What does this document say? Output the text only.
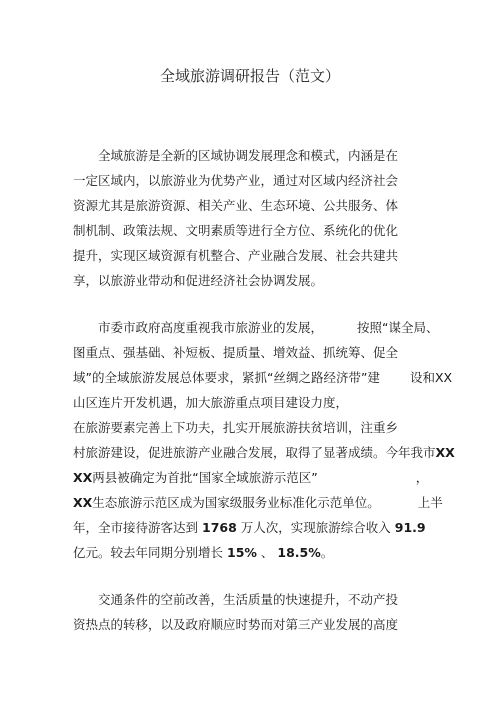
全域旅游调研报告（范文）
全域旅游是全新的区域协调发展理念和模式，内涵是在
一定区域内，以旅游业为优势产业，通过对区域内经济社会
资源尤其是旅游资源、相关产业、生态环境、公共服务、体
制机制、政策法规、文明素质等进行全方位、系统化的优化
提升，实现区域资源有机整合、产业融合发展、社会共建共
享，以旅游业带动和促进经济社会协调发展。
市委市政府高度重视我市旅游业的发展，	按照“谋全局、
图重点、强基础、补短板、提质量、增效益、抓统筹、促全
域”的全域旅游发展总体要求，紧抓“丝绸之路经济带”建 设和XX
山区连片开发机遇，加大旅游重点项目建设力度，
在旅游要素完善上下功夫，扎实开展旅游扶贫培训，注重乡
村旅游建设，促进旅游产业融合发展，取得了显著成绩。今年我市XX
XX两县被确定为首批“国家全域旅游示范区”	，
XX生态旅游示范区成为国家级服务业标准化示范单位。	上半
年，全市接待游客达到 1768 万人次，实现旅游综合收入 91.9
亿元。较去年同期分别增长 15% 、 18.5%。
交通条件的空前改善，生活质量的快速提升，不动产投
资热点的转移，以及政府顺应时势而对第三产业发展的高度
